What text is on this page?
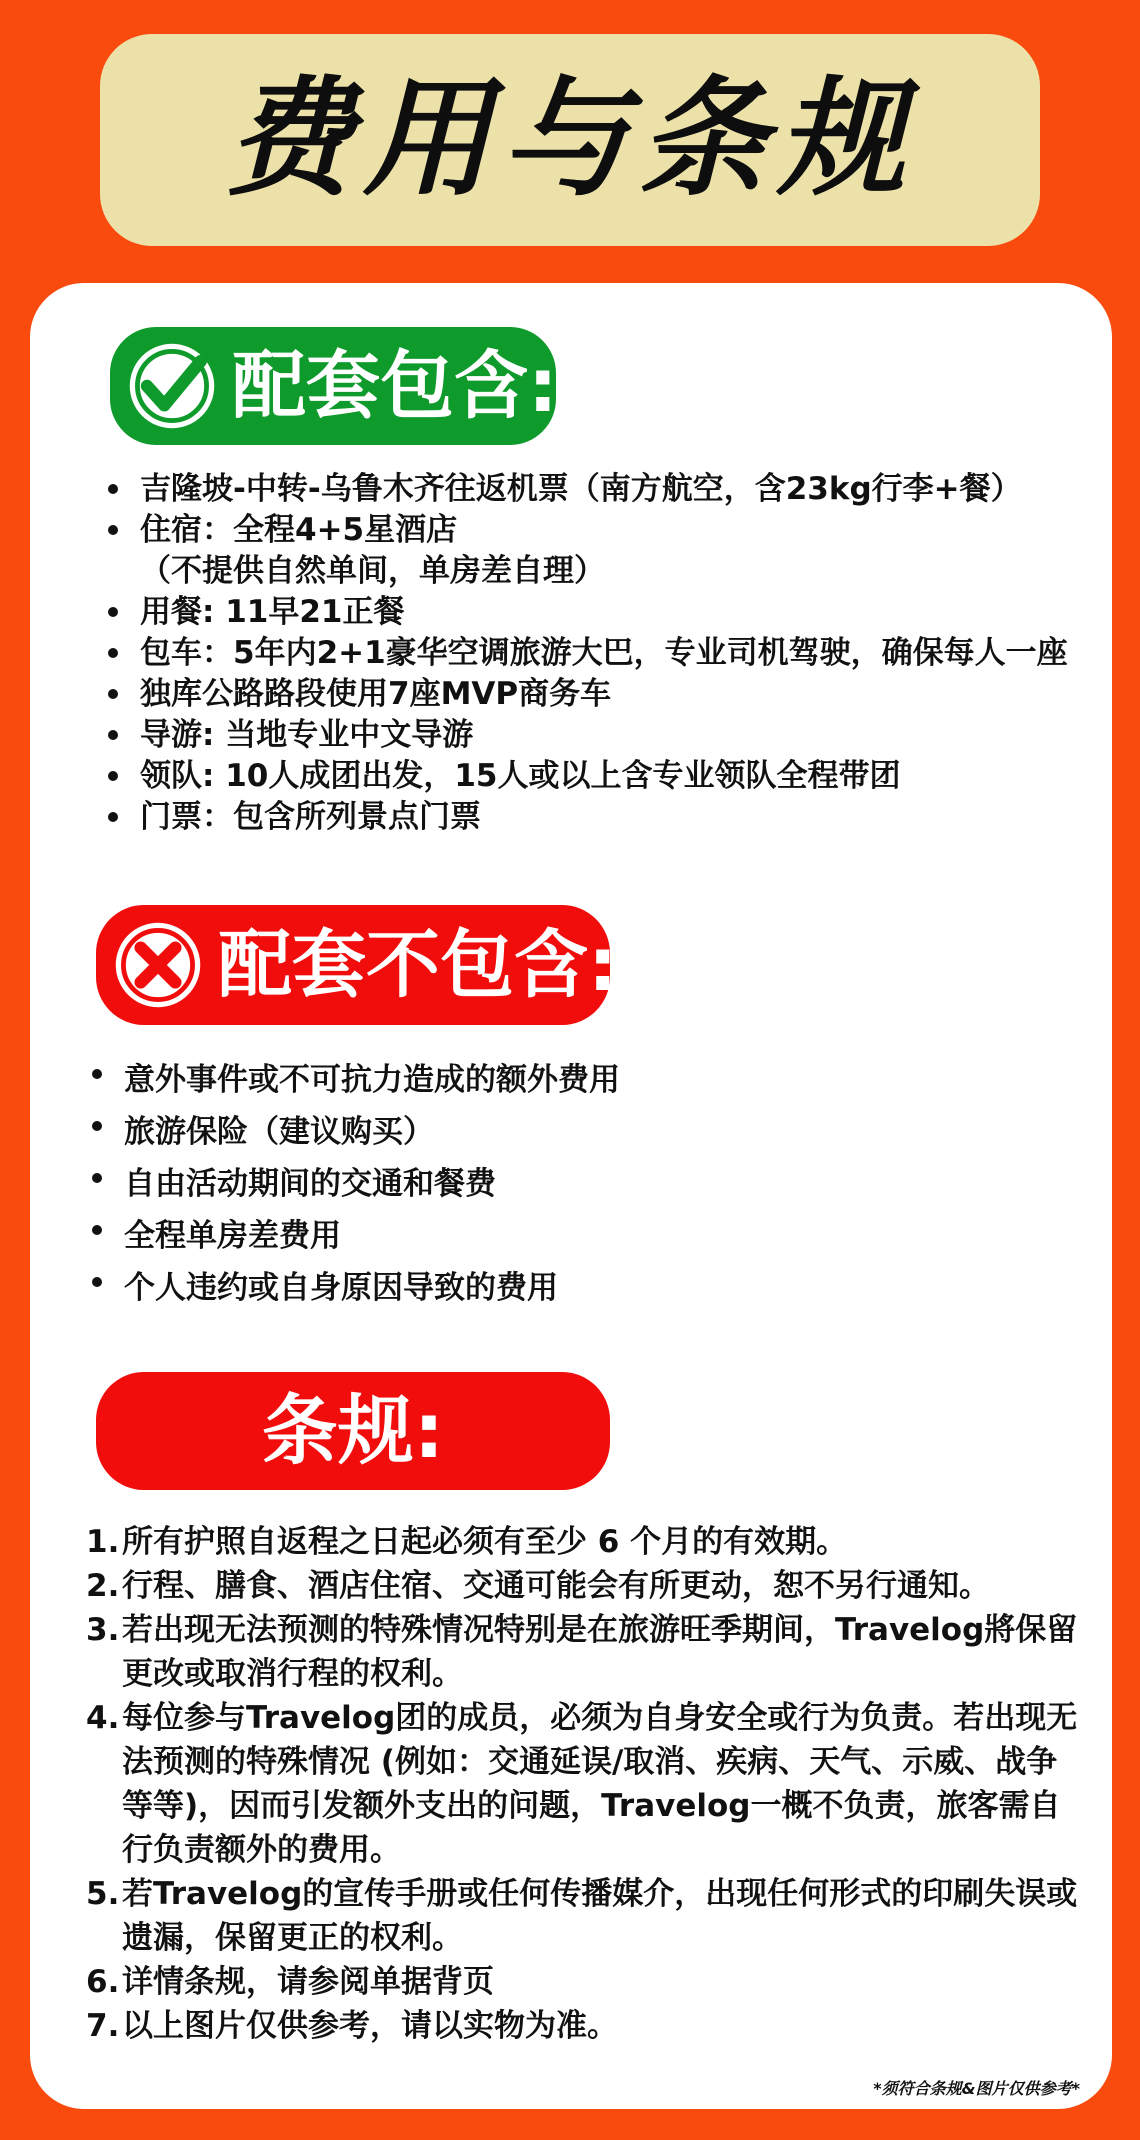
费用与条规
配套包含:
吉隆坡-中转-乌鲁木齐往返机票（南方航空，含23kg行李+餐）
住宿：全程4+5星酒店
（不提供自然单间，单房差自理）
用餐: 11早21正餐
包车：5年内2+1豪华空调旅游大巴，专业司机驾驶，确保每人一座
独库公路路段使用7座MVP商务车
导游: 当地专业中文导游
领队: 10人成团出发，15人或以上含专业领队全程带团
门票：包含所列景点门票
配套不包含:
意外事件或不可抗力造成的额外费用
旅游保险（建议购买）
自由活动期间的交通和餐费
全程单房差费用
个人违约或自身原因导致的费用
条规:
1. 所有护照自返程之日起必须有至少 6 个月的有效期。
2. 行程、膳食、酒店住宿、交通可能会有所更动，恕不另行通知。
3. 若出现无法预测的特殊情况特别是在旅游旺季期间，Travelog將保留更改或取消行程的权利。
4. 每位参与Travelog团的成员，必须为自身安全或行为负责。若出现无法预测的特殊情况 (例如：交通延误/取消、疾病、天气、示威、战争等等)，因而引发额外支出的问题，Travelog一概不负责，旅客需自行负责额外的费用。
5. 若Travelog的宣传手册或任何传播媒介，出现任何形式的印刷失误或遗漏，保留更正的权利。
6. 详情条规，请参阅单据背页
7. 以上图片仅供参考，请以实物为准。
*须符合条规&图片仅供参考*
